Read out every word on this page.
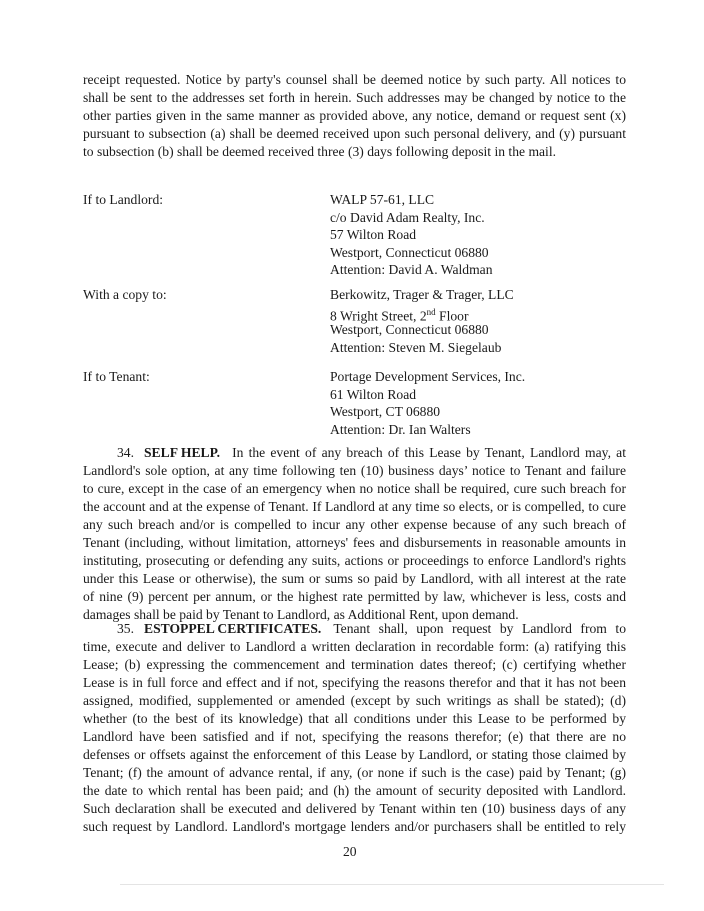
receipt requested. Notice by party's counsel shall be deemed notice by such party. All notices to
shall be sent to the addresses set forth in herein. Such addresses may be changed by notice to the
other parties given in the same manner as provided above, any notice, demand or request sent (x)
pursuant to subsection (a) shall be deemed received upon such personal delivery, and (y) pursuant
to subsection (b) shall be deemed received three (3) days following deposit in the mail.
If to Landlord:	WALP 57-61, LLC
c/o David Adam Realty, Inc.
57 Wilton Road
Westport, Connecticut 06880
Attention: David A. Waldman
With a copy to:	Berkowitz, Trager & Trager, LLC
8 Wright Street, 2nd Floor
Westport, Connecticut 06880
Attention: Steven M. Siegelaub
If to Tenant:	Portage Development Services, Inc.
61 Wilton Road
Westport, CT 06880
Attention: Dr. Ian Walters
34. SELF HELP. In the event of any breach of this Lease by Tenant, Landlord may, at
Landlord's sole option, at any time following ten (10) business days’ notice to Tenant and failure
to cure, except in the case of an emergency when no notice shall be required, cure such breach for
the account and at the expense of Tenant. If Landlord at any time so elects, or is compelled, to cure
any such breach and/or is compelled to incur any other expense because of any such breach of
Tenant (including, without limitation, attorneys' fees and disbursements in reasonable amounts in
instituting, prosecuting or defending any suits, actions or proceedings to enforce Landlord's rights
under this Lease or otherwise), the sum or sums so paid by Landlord, with all interest at the rate
of nine (9) percent per annum, or the highest rate permitted by law, whichever is less, costs and
damages shall be paid by Tenant to Landlord, as Additional Rent, upon demand.
35. ESTOPPEL CERTIFICATES. Tenant shall, upon request by Landlord from to
time, execute and deliver to Landlord a written declaration in recordable form: (a) ratifying this
Lease; (b) expressing the commencement and termination dates thereof; (c) certifying whether
Lease is in full force and effect and if not, specifying the reasons therefor and that it has not been
assigned, modified, supplemented or amended (except by such writings as shall be stated); (d)
whether (to the best of its knowledge) that all conditions under this Lease to be performed by
Landlord have been satisfied and if not, specifying the reasons therefor; (e) that there are no
defenses or offsets against the enforcement of this Lease by Landlord, or stating those claimed by
Tenant; (f) the amount of advance rental, if any, (or none if such is the case) paid by Tenant; (g)
the date to which rental has been paid; and (h) the amount of security deposited with Landlord.
Such declaration shall be executed and delivered by Tenant within ten (10) business days of any
such request by Landlord. Landlord's mortgage lenders and/or purchasers shall be entitled to rely
20
